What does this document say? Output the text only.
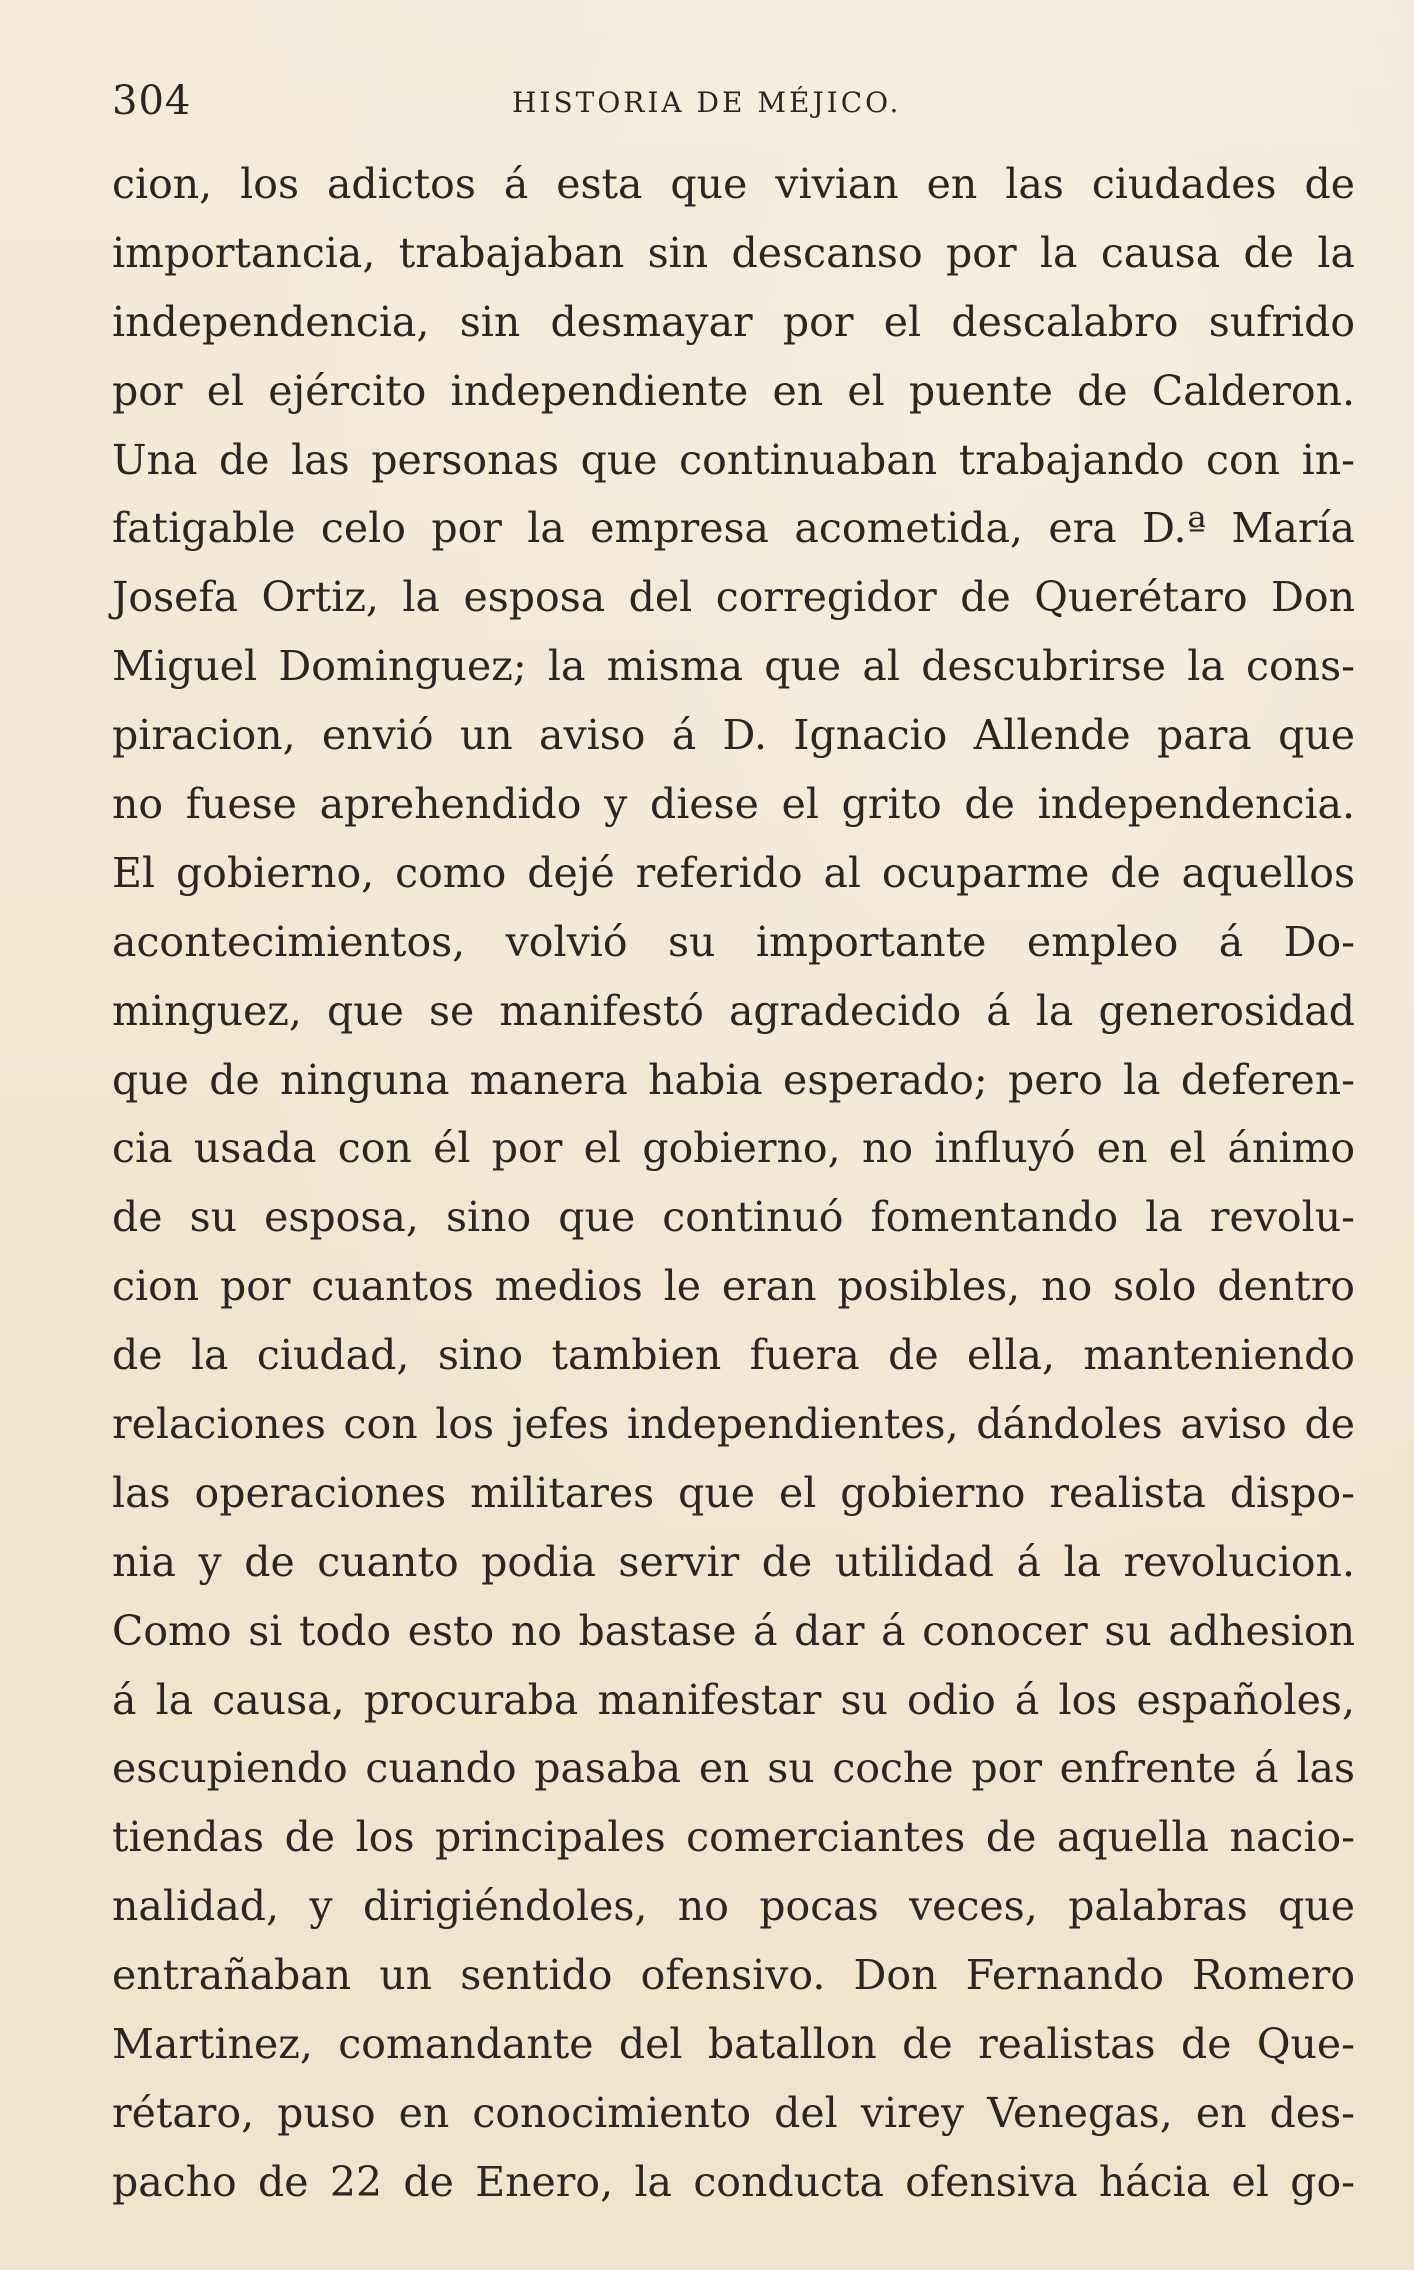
304	HISTORIA DE MÉJICO.
cion, los adictos á esta que vivian en las ciudades de
importancia, trabajaban sin descanso por la causa de la
independencia, sin desmayar por el descalabro sufrido
por el ejército independiente en el puente de Calderon.
Una de las personas que continuaban trabajando con in-
fatigable celo por la empresa acometida, era D.ª María
Josefa Ortiz, la esposa del corregidor de Querétaro Don
Miguel Dominguez; la misma que al descubrirse la cons-
piracion, envió un aviso á D. Ignacio Allende para que
no fuese aprehendido y diese el grito de independencia.
El gobierno, como dejé referido al ocuparme de aquellos
acontecimientos, volvió su importante empleo á Do-
minguez, que se manifestó agradecido á la generosidad
que de ninguna manera habia esperado; pero la deferen-
cia usada con él por el gobierno, no influyó en el ánimo
de su esposa, sino que continuó fomentando la revolu-
cion por cuantos medios le eran posibles, no solo dentro
de la ciudad, sino tambien fuera de ella, manteniendo
relaciones con los jefes independientes, dándoles aviso de
las operaciones militares que el gobierno realista dispo-
nia y de cuanto podia servir de utilidad á la revolucion.
Como si todo esto no bastase á dar á conocer su adhesion
á la causa, procuraba manifestar su odio á los españoles,
escupiendo cuando pasaba en su coche por enfrente á las
tiendas de los principales comerciantes de aquella nacio-
nalidad, y dirigiéndoles, no pocas veces, palabras que
entrañaban un sentido ofensivo. Don Fernando Romero
Martinez, comandante del batallon de realistas de Que-
rétaro, puso en conocimiento del virey Venegas, en des-
pacho de 22 de Enero, la conducta ofensiva hácia el go-
